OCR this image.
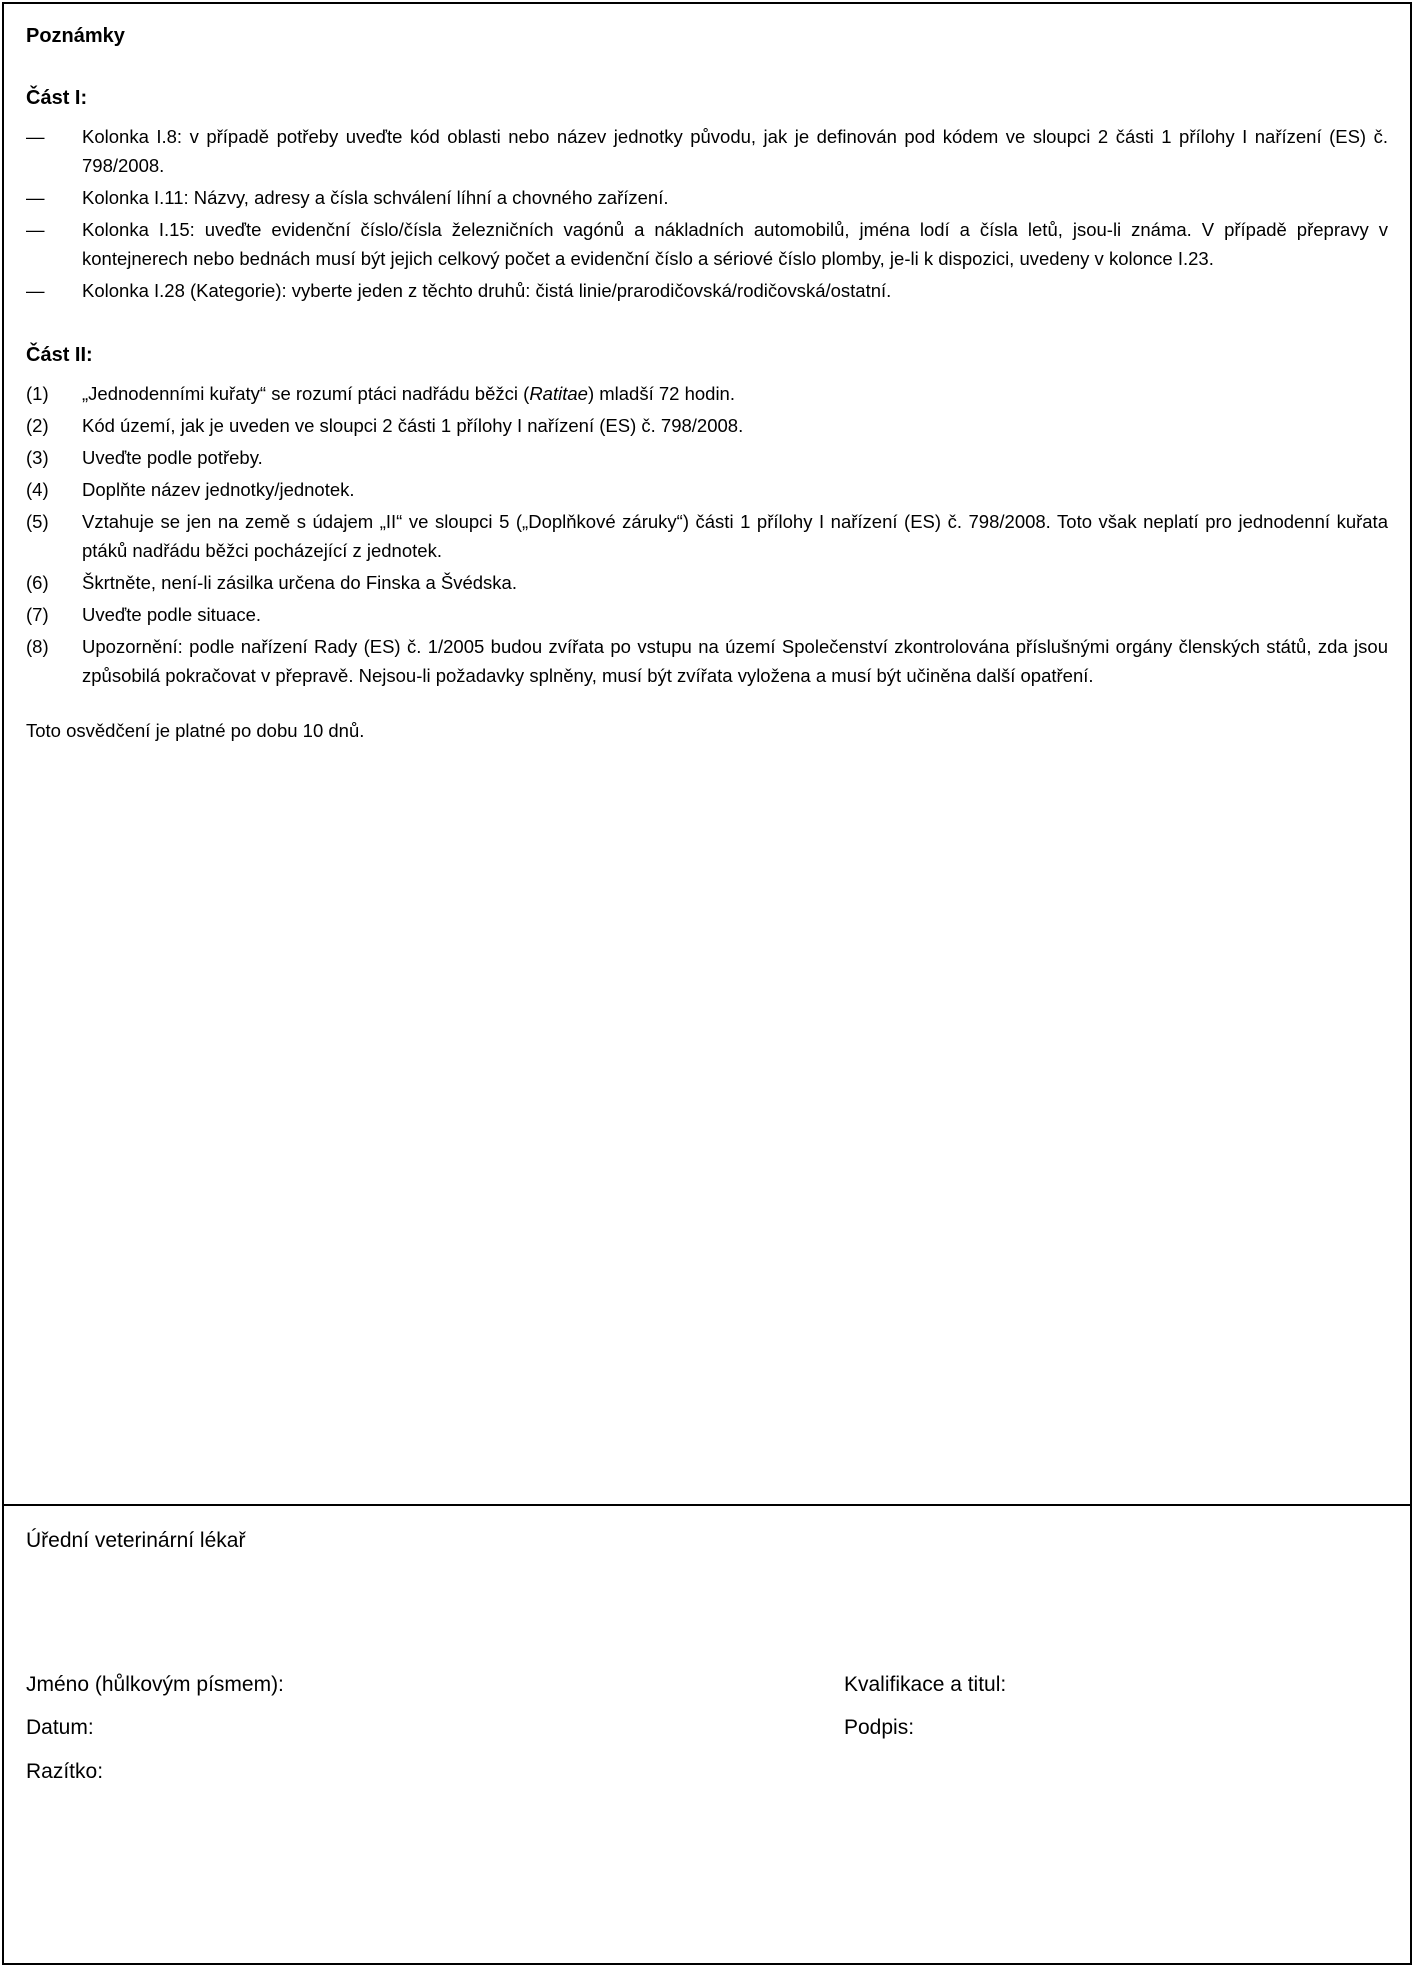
Poznámky

Část I:

—	Kolonka I.8: v případě potřeby uveďte kód oblasti nebo název jednotky původu, jak je definován pod kódem ve sloupci 2 části 1 přílohy I nařízení (ES) č. 798/2008.
—	Kolonka I.11: Názvy, adresy a čísla schválení líhní a chovného zařízení.
—	Kolonka I.15: uveďte evidenční číslo/čísla železničních vagónů a nákladních automobilů, jména lodí a čísla letů, jsou-li známa. V případě přepravy v kontejnerech nebo bednách musí být jejich celkový počet a evidenční číslo a sériové číslo plomby, je-li k dispozici, uvedeny v kolonce I.23.
—	Kolonka I.28 (Kategorie): vyberte jeden z těchto druhů: čistá linie/prarodičovská/rodičovská/ostatní.

Část II:

(1)	„Jednodenními kuřaty“ se rozumí ptáci nadřádu běžci (Ratitae) mladší 72 hodin.
(2)	Kód území, jak je uveden ve sloupci 2 části 1 přílohy I nařízení (ES) č. 798/2008.
(3)	Uveďte podle potřeby.
(4)	Doplňte název jednotky/jednotek.
(5)	Vztahuje se jen na země s údajem „II“ ve sloupci 5 („Doplňkové záruky“) části 1 přílohy I nařízení (ES) č. 798/2008. Toto však neplatí pro jednodenní kuřata ptáků nadřádu běžci pocházející z jednotek.
(6)	Škrtněte, není-li zásilka určena do Finska a Švédska.
(7)	Uveďte podle situace.
(8)	Upozornění: podle nařízení Rady (ES) č. 1/2005 budou zvířata po vstupu na území Společenství zkontrolována příslušnými orgány členských států, zda jsou způsobilá pokračovat v přepravě. Nejsou-li požadavky splněny, musí být zvířata vyložena a musí být učiněna další opatření.

Toto osvědčení je platné po dobu 10 dnů.

Úřední veterinární lékař

Jméno (hůlkovým písmem):	Kvalifikace a titul:
Datum:	Podpis:
Razítko:
